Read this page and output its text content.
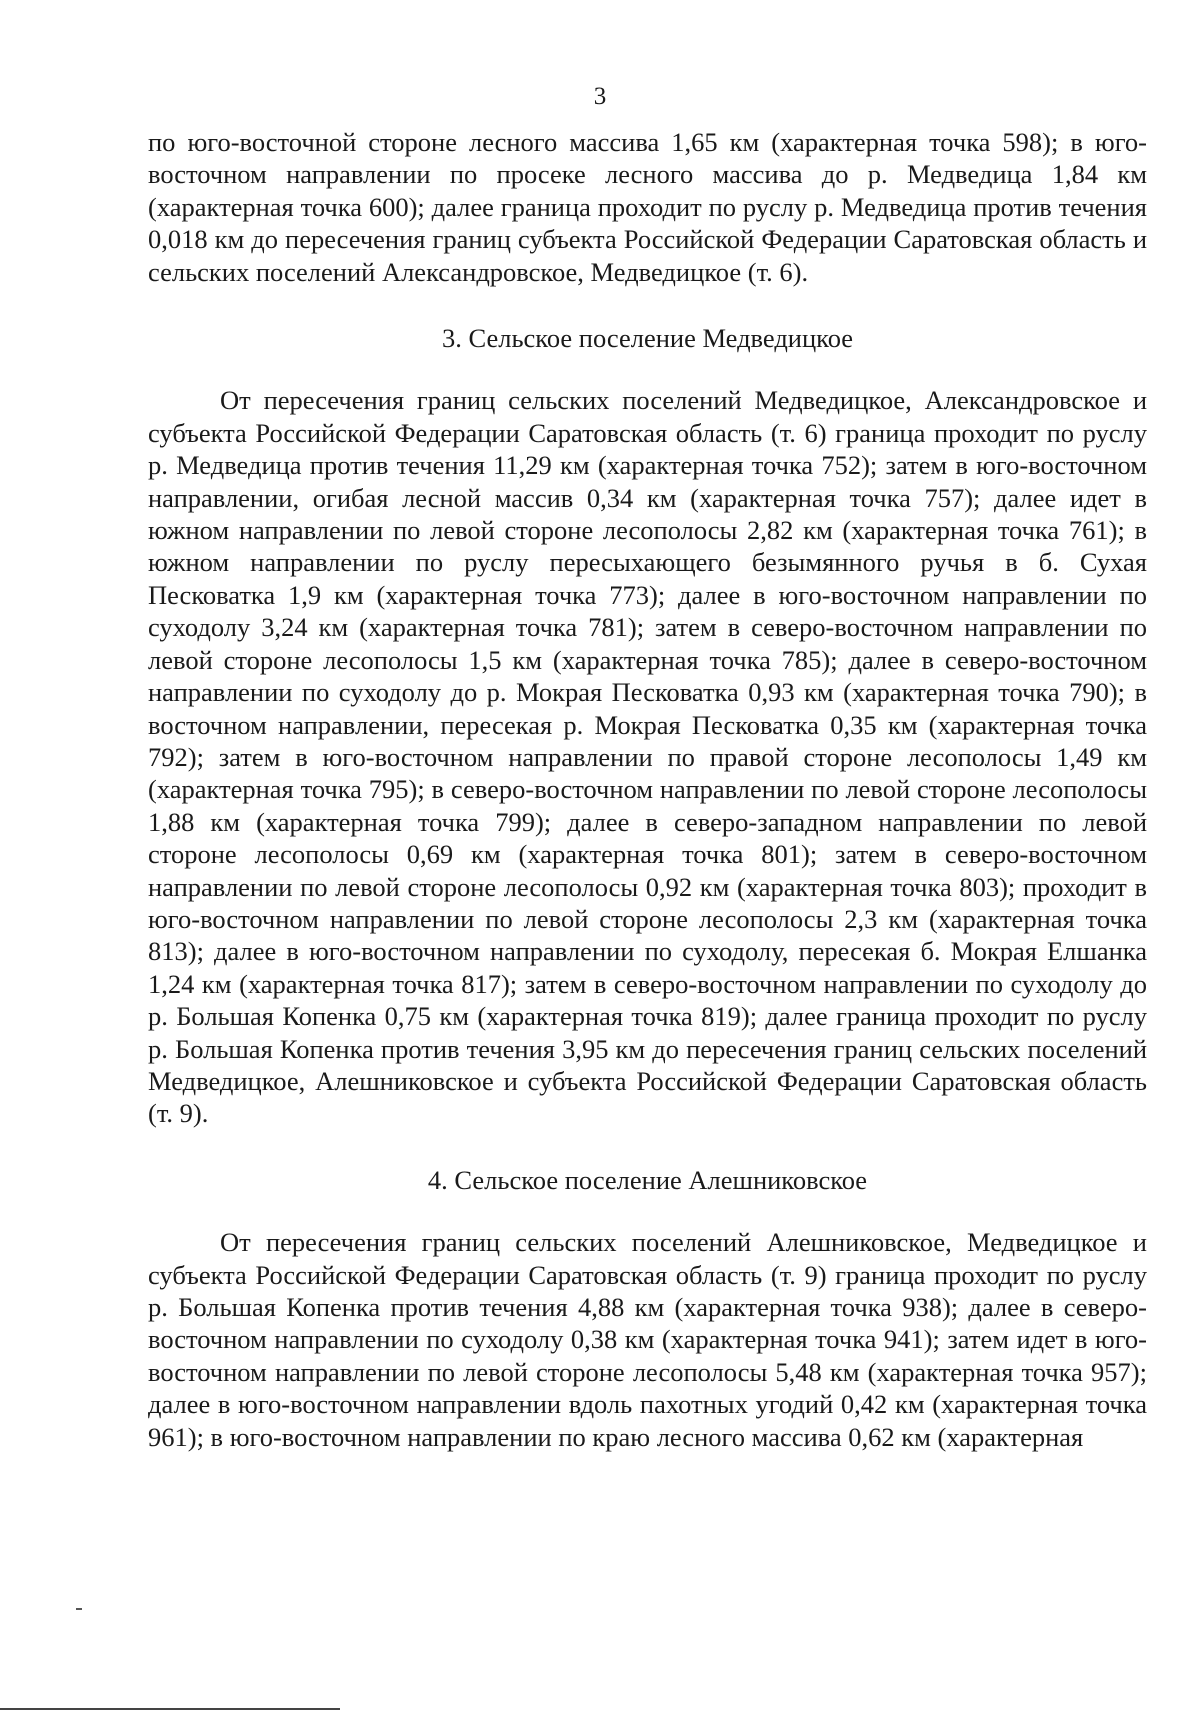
3

по юго-восточной стороне лесного массива 1,65 км (характерная точка 598); в юго-восточном направлении по просеке лесного массива до р. Медведица 1,84 км (характерная точка 600); далее граница проходит по руслу р. Медведица против течения 0,018 км до пересечения границ субъекта Российской Федерации Саратовская область и сельских поселений Александровское, Медведицкое (т. 6).

3. Сельское поселение Медведицкое

От пересечения границ сельских поселений Медведицкое, Александровское и субъекта Российской Федерации Саратовская область (т. 6) граница проходит по руслу р. Медведица против течения 11,29 км (характерная точка 752); затем в юго-восточном направлении, огибая лесной массив 0,34 км (характерная точка 757); далее идет в южном направлении по левой стороне лесополосы 2,82 км (характерная точка 761); в южном направлении по руслу пересыхающего безымянного ручья в б. Сухая Песковатка 1,9 км (характерная точка 773); далее в юго-восточном направлении по суходолу 3,24 км (характерная точка 781); затем в северо-восточном направлении по левой стороне лесополосы 1,5 км (характерная точка 785); далее в северо-восточном направлении по суходолу до р. Мокрая Песковатка 0,93 км (характерная точка 790); в восточном направлении, пересекая р. Мокрая Песковатка 0,35 км (характерная точка 792); затем в юго-восточном направлении по правой стороне лесополосы 1,49 км (характерная точка 795); в северо-восточном направлении по левой стороне лесополосы 1,88 км (характерная точка 799); далее в северо-западном направлении по левой стороне лесополосы 0,69 км (характерная точка 801); затем в северо-восточном направлении по левой стороне лесополосы 0,92 км (характерная точка 803); проходит в юго-восточном направлении по левой стороне лесополосы 2,3 км (характерная точка 813); далее в юго-восточном направлении по суходолу, пересекая б. Мокрая Елшанка 1,24 км (характерная точка 817); затем в северо-восточном направлении по суходолу до р. Большая Копенка 0,75 км (характерная точка 819); далее граница проходит по руслу р. Большая Копенка против течения 3,95 км до пересечения границ сельских поселений Медведицкое, Алешниковское и субъекта Российской Федерации Саратовская область (т. 9).

4. Сельское поселение Алешниковское

От пересечения границ сельских поселений Алешниковское, Медведицкое и субъекта Российской Федерации Саратовская область (т. 9) граница проходит по руслу р. Большая Копенка против течения 4,88 км (характерная точка 938); далее в северо-восточном направлении по суходолу 0,38 км (характерная точка 941); затем идет в юго-восточном направлении по левой стороне лесополосы 5,48 км (характерная точка 957); далее в юго-восточном направлении вдоль пахотных угодий 0,42 км (характерная точка 961); в юго-восточном направлении по краю лесного массива 0,62 км (характерная
